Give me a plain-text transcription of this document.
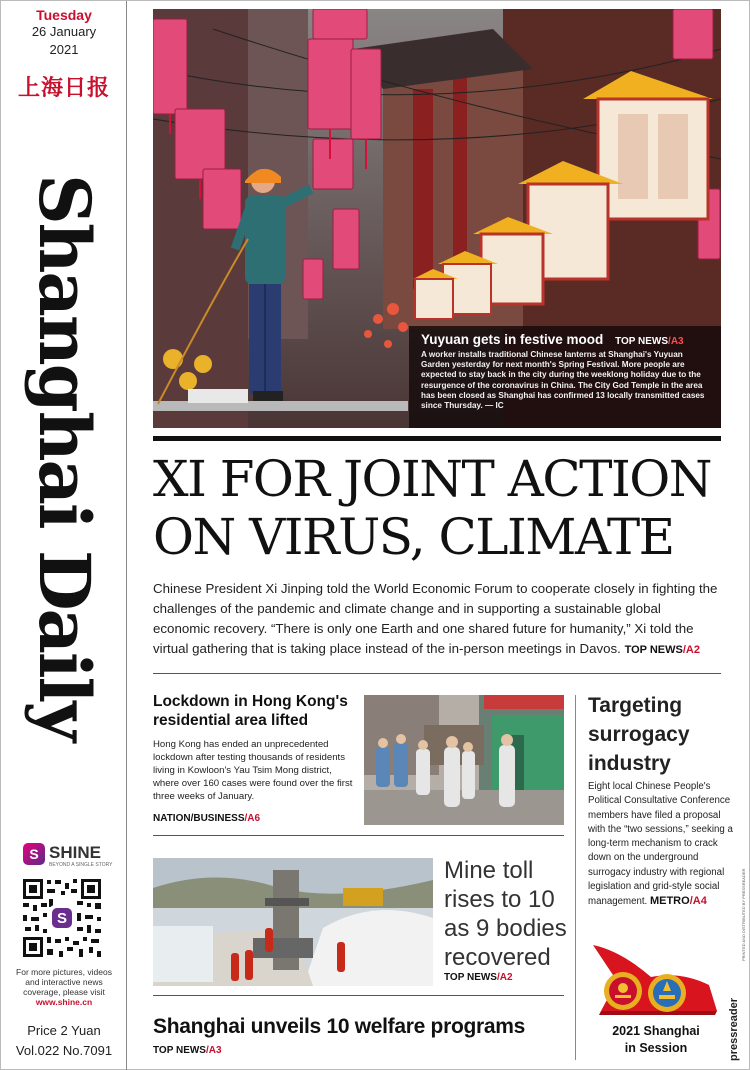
Tuesday
26 January
2021
上海日报
Shanghai Daily
S SHINE
BEYOND A SINGLE STORY
S
For more pictures, videos and interactive news coverage, please visit
www.shine.cn
Price 2 Yuan
Vol.022 No.7091
Yuyuan gets in festive mood TOP NEWS/A3
A worker installs traditional Chinese lanterns at Shanghai's Yuyuan Garden yesterday for next month's Spring Festival. More people are expected to stay back in the city during the weeklong holiday due to the resurgence of the coronavirus in China. The City God Temple in the area has been closed as Shanghai has confirmed 13 locally transmitted cases since Thursday. — IC
XI FOR JOINT ACTION
ON VIRUS, CLIMATE
Chinese President Xi Jinping told the World Economic Forum to cooperate closely in fighting the challenges of the pandemic and climate change and in supporting a sustainable global economic recovery. “There is only one Earth and one shared future for humanity,” Xi told the virtual gathering that is taking place instead of the in-person meetings in Davos. TOP NEWS/A2
Lockdown in Hong Kong's residential area lifted
Hong Kong has ended an unprecedented lockdown after testing thousands of residents living in Kowloon's Yau Tsim Mong district, where over 160 cases were found over the first three weeks of January.
NATION/BUSINESS/A6
Mine toll rises to 10 as 9 bodies recovered
TOP NEWS/A2
Shanghai unveils 10 welfare programs
TOP NEWS/A3
Targeting surrogacy industry
Eight local Chinese People's Political Consultative Conference members have filed a proposal with the “two sessions,” seeking a long-term mechanism to crack down on the underground surrogacy industry with regional legislation and grid-style social management. METRO/A4
2021 Shanghai
in Session	pressreader
PRINTED AND DISTRIBUTED BY PRESSREADER
